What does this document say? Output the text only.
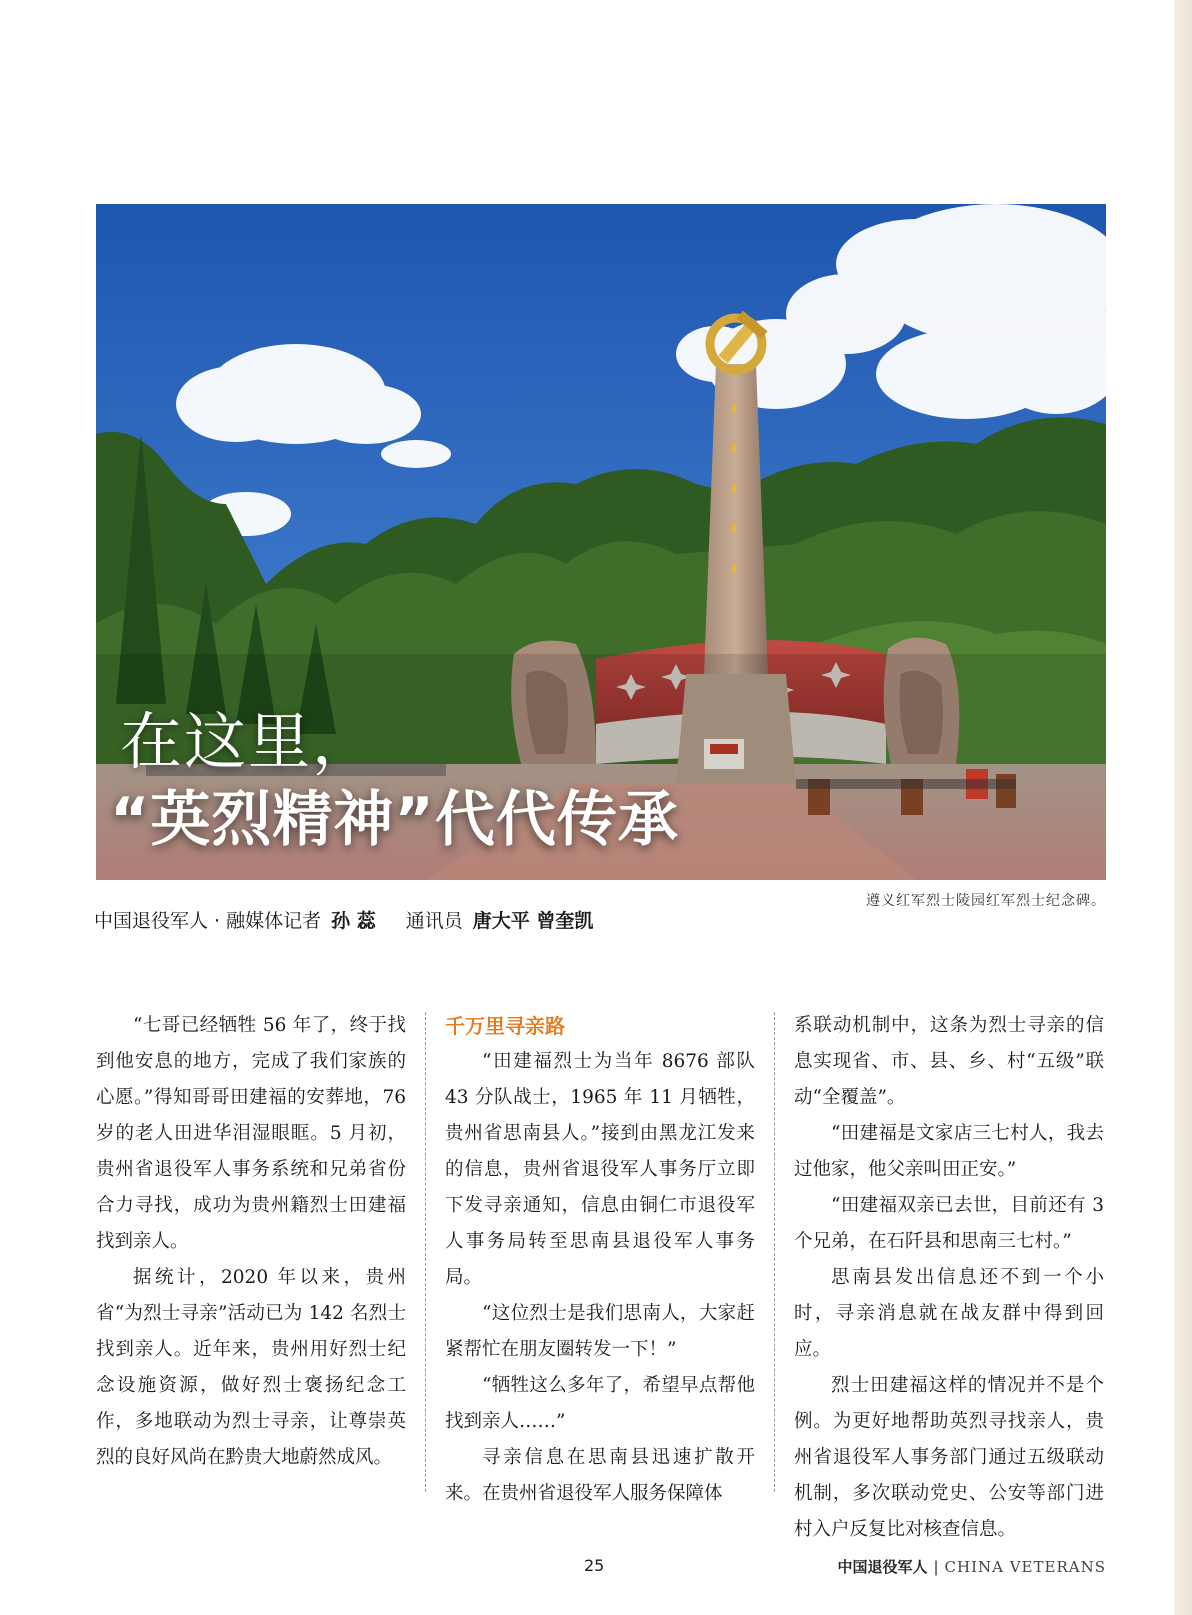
在这里，
“英烈精神”代代传承
遵义红军烈士陵园红军烈士纪念碑。
中国退役军人 · 融媒体记者 孙 蕊 通讯员 唐大平 曾奎凯

“七哥已经牺牲 56 年了，终于找到他安息的地方，完成了我们家族的心愿。”得知哥哥田建福的安葬地，76 岁的老人田进华泪湿眼眶。5 月初，贵州省退役军人事务系统和兄弟省份合力寻找，成功为贵州籍烈士田建福找到亲人。

据统计，2020 年以来，贵州省“为烈士寻亲”活动已为 142 名烈士找到亲人。近年来，贵州用好烈士纪念设施资源，做好烈士褒扬纪念工作，多地联动为烈士寻亲，让尊崇英烈的良好风尚在黔贵大地蔚然成风。

千万里寻亲路

“田建福烈士为当年 8676 部队 43 分队战士，1965 年 11 月牺牲，贵州省思南县人。”接到由黑龙江发来的信息，贵州省退役军人事务厅立即下发寻亲通知，信息由铜仁市退役军人事务局转至思南县退役军人事务局。

“这位烈士是我们思南人，大家赶紧帮忙在朋友圈转发一下！”

“牺牲这么多年了，希望早点帮他找到亲人……”

寻亲信息在思南县迅速扩散开来。在贵州省退役军人服务保障体

系联动机制中，这条为烈士寻亲的信息实现省、市、县、乡、村“五级”联动“全覆盖”。

“田建福是文家店三七村人，我去过他家，他父亲叫田正安。”

“田建福双亲已去世，目前还有 3 个兄弟，在石阡县和思南三七村。”

思南县发出信息还不到一个小时，寻亲消息就在战友群中得到回应。

烈士田建福这样的情况并不是个例。为更好地帮助英烈寻找亲人，贵州省退役军人事务部门通过五级联动机制，多次联动党史、公安等部门进村入户反复比对核查信息。

25	中国退役军人 | CHINA VETERANS
